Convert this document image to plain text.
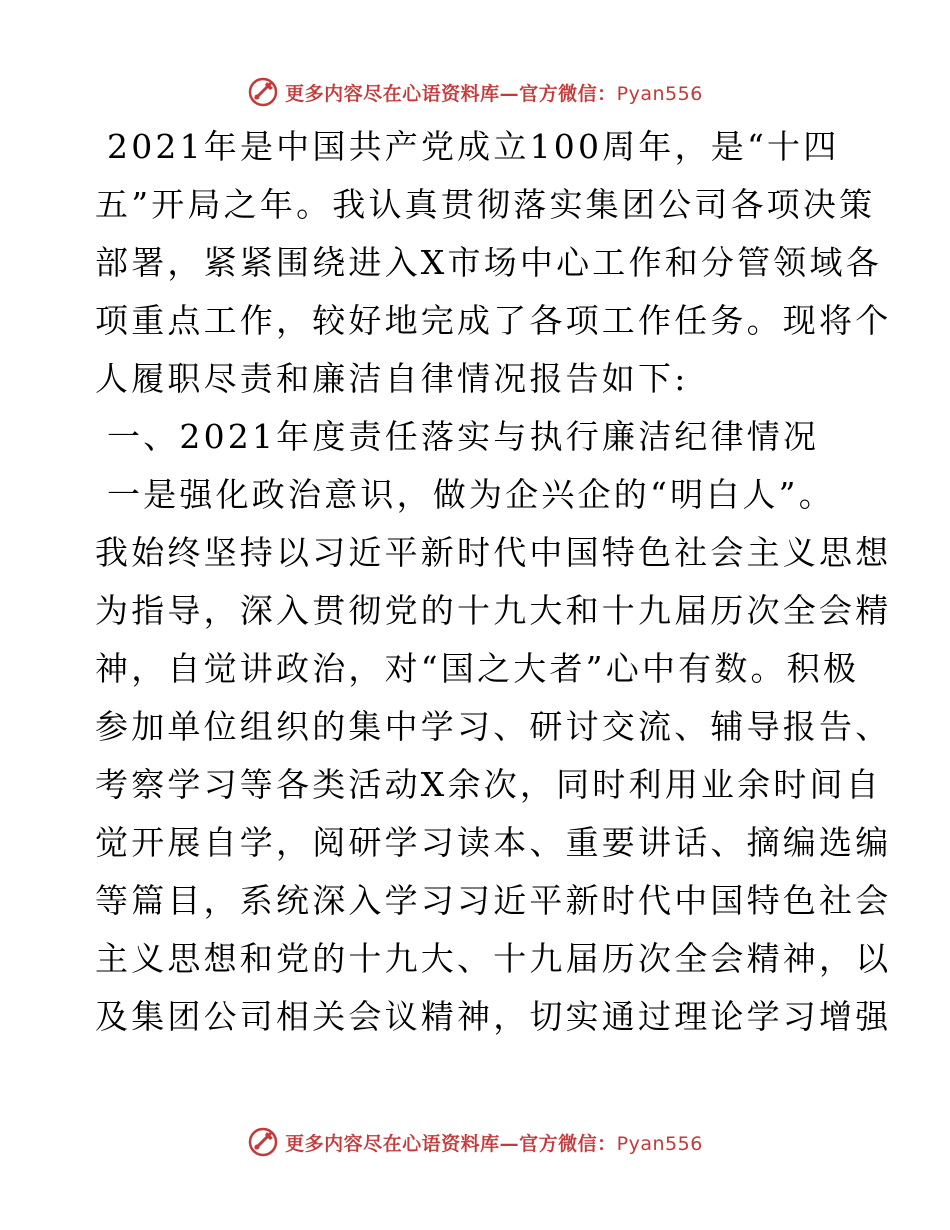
更多内容尽在心语资料库—官方微信：Pyan556
2021年是中国共产党成立100周年，是“十四
五”开局之年。我认真贯彻落实集团公司各项决策
部署，紧紧围绕进入X市场中心工作和分管领域各
项重点工作，较好地完成了各项工作任务。现将个
人履职尽责和廉洁自律情况报告如下:
一、2021年度责任落实与执行廉洁纪律情况
一是强化政治意识，做为企兴企的“明白人”。
我始终坚持以习近平新时代中国特色社会主义思想
为指导，深入贯彻党的十九大和十九届历次全会精
神，自觉讲政治，对“国之大者”心中有数。积极
参加单位组织的集中学习、研讨交流、辅导报告、
考察学习等各类活动X余次，同时利用业余时间自
觉开展自学，阅研学习读本、重要讲话、摘编选编
等篇目，系统深入学习习近平新时代中国特色社会
主义思想和党的十九大、十九届历次全会精神，以
及集团公司相关会议精神，切实通过理论学习增强
更多内容尽在心语资料库—官方微信：Pyan556
